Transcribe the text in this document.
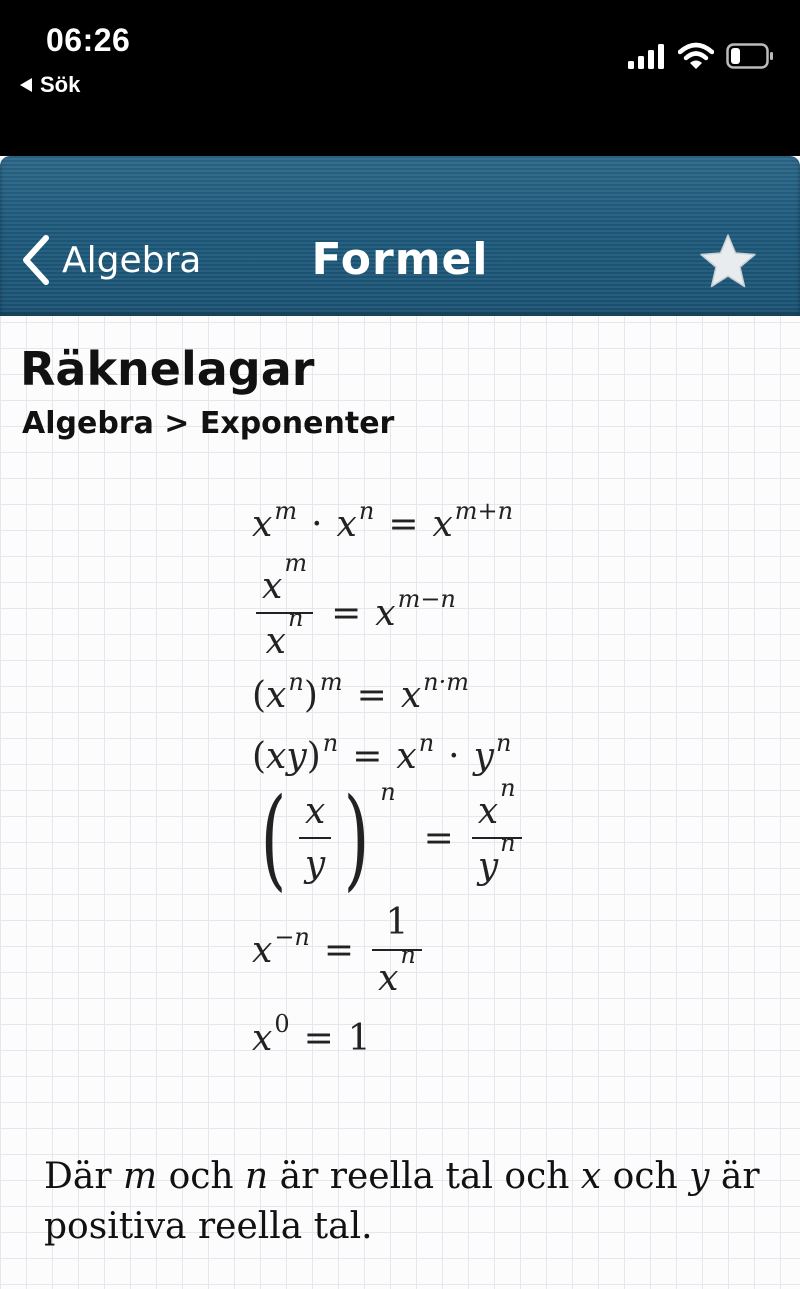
06:26
Sök
Algebra	Formel
Räknelagar
Algebra > Exponenter
$x^m \cdot x^n = x^{m+n}$
$\frac{x^m}{x^n} = x^{m-n}$
( $x^n$ )$^m = x^{n\cdot m}$
( xy )$^n = x^n \cdot y^n$
( $\frac{x}{y}$ ) $^n$
= $\frac{x^n}{y^n}$
$x^{-n} = \frac{1}{x^n}$
$x^0 = 1$
Där m och n är reella tal och x och y är positiva reella tal.
